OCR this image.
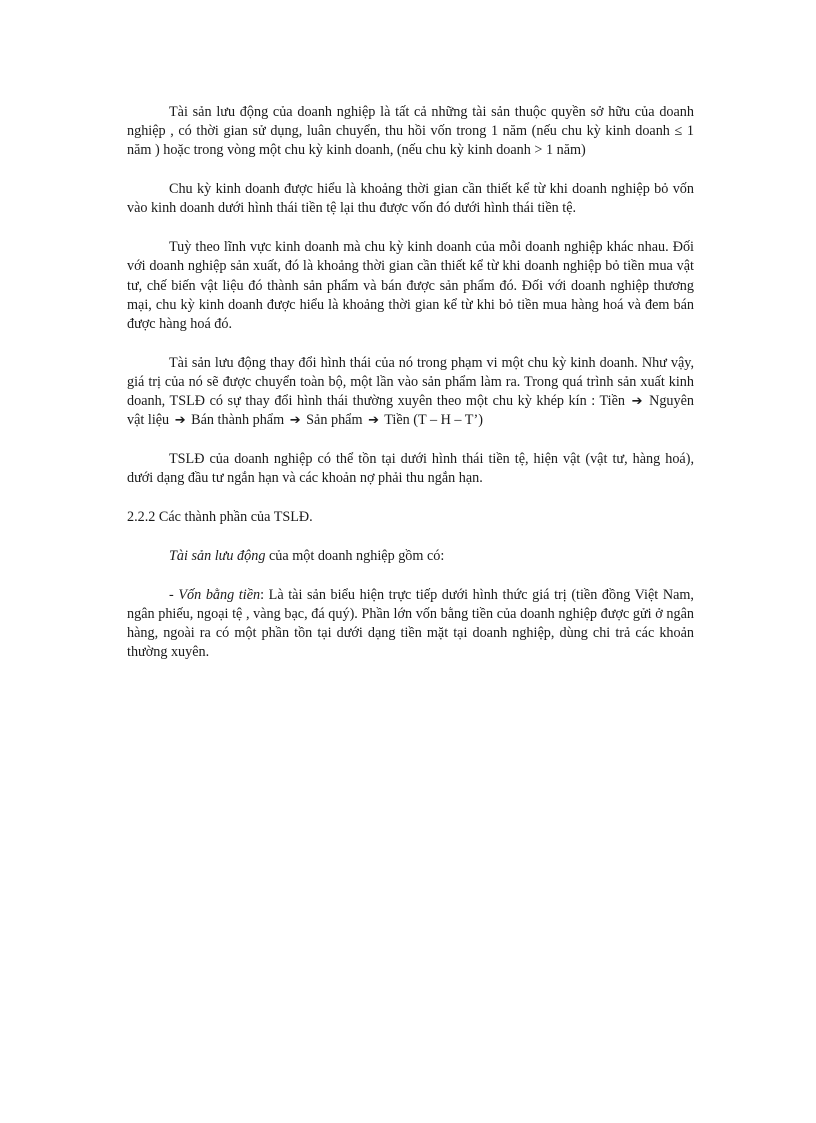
Tài sản lưu động của doanh nghiệp là tất cả những tài sản thuộc quyền sở hữu của doanh nghiệp , có thời gian sử dụng, luân chuyển, thu hồi vốn trong 1 năm (nếu chu kỳ kinh doanh ≤ 1 năm ) hoặc trong vòng một chu kỳ kinh doanh, (nếu chu kỳ kinh doanh > 1 năm)

Chu kỳ kinh doanh được hiểu là khoảng thời gian cần thiết kể từ khi doanh nghiệp bỏ vốn vào kinh doanh dưới hình thái tiền tệ lại thu được vốn đó dưới hình thái tiền tệ.

Tuỳ theo lĩnh vực kinh doanh mà chu kỳ kinh doanh của mỗi doanh nghiệp khác nhau. Đối với doanh nghiệp sản xuất, đó là khoảng thời gian cần thiết kể từ khi doanh nghiệp bỏ tiền mua vật tư, chế biến vật liệu đó thành sản phẩm và bán được sản phẩm đó. Đối với doanh nghiệp thương mại, chu kỳ kinh doanh được hiểu là khoảng thời gian kể từ khi bỏ tiền mua hàng hoá và đem bán được hàng hoá đó.

Tài sản lưu động thay đổi hình thái của nó trong phạm vi một chu kỳ kinh doanh. Như vậy, giá trị của nó sẽ được chuyển toàn bộ, một lần vào sản phẩm làm ra. Trong quá trình sản xuất kinh doanh, TSLĐ có sự thay đổi hình thái thường xuyên theo một chu kỳ khép kín : Tiền ➔ Nguyên vật liệu ➔ Bán thành phẩm ➔ Sản phẩm ➔ Tiền (T – H – T’)

TSLĐ của doanh nghiệp có thể tồn tại dưới hình thái tiền tệ, hiện vật (vật tư, hàng hoá), dưới dạng đầu tư ngắn hạn và các khoản nợ phải thu ngắn hạn.

2.2.2 Các thành phần của TSLĐ.

Tài sản lưu động của một doanh nghiệp gồm có:

- Vốn bằng tiền: Là tài sản biểu hiện trực tiếp dưới hình thức giá trị (tiền đồng Việt Nam, ngân phiếu, ngoại tệ , vàng bạc, đá quý). Phần lớn vốn bằng tiền của doanh nghiệp được gửi ở ngân hàng, ngoài ra có một phần tồn tại dưới dạng tiền mặt tại doanh nghiệp, dùng chi trả các khoản thường xuyên.
